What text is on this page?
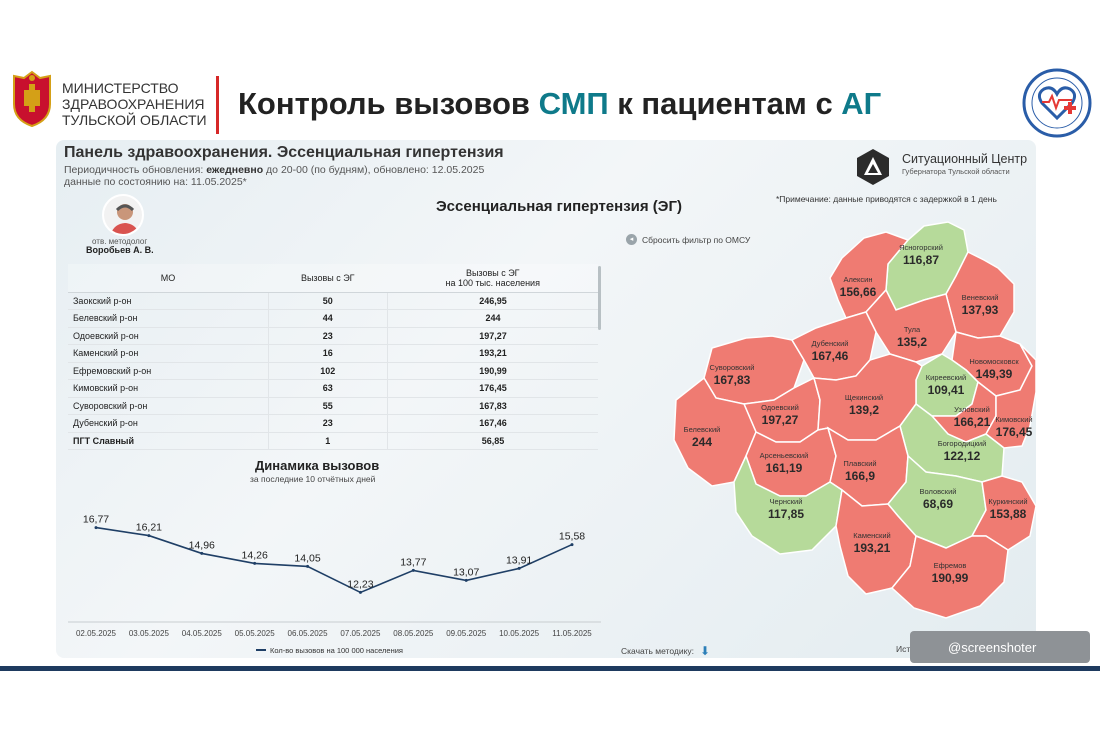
МИНИСТЕРСТВО
ЗДРАВООХРАНЕНИЯ
ТУЛЬСКОЙ ОБЛАСТИ Контроль вызовов СМП к пациентам с АГ
Панель здравоохранения. Эссенциальная гипертензия
Периодичность обновления: ежедневно до 20-00 (по будням), обновлено: 12.05.2025
данные по состоянию на: 11.05.2025*
Ситуационный Центр
Губернатора Тульской области
*Примечание: данные приводятся с задержкой в 1 день
Эссенциальная гипертензия (ЭГ)
отв. методолог
Воробьев А. В.
МО	Вызовы с ЭГ	Вызовы с ЭГ
на 100 тыс. населения
Заокский р-он	50	246,95
Белевский р-он	44	244
Одоевский р-он	23	197,27
Каменский р-он	16	193,21
Ефремовский р-он	102	190,99
Кимовский р-он	63	176,45
Суворовский р-он	55	167,83
Дубенский р-он	23	167,46
ПГТ Славный	1	56,85
Динамика вызовов
за последние 10 отчётных дней
16,77
02.05.2025
16,21
03.05.2025
14,96
04.05.2025
14,26
05.05.2025
14,05
06.05.2025
12,23
07.05.2025
13,77
08.05.2025
13,07
09.05.2025
13,91
10.05.2025
15,58
11.05.2025
Кол-во вызовов на 100 000 населения
◂	Сбросить фильтр по ОМСУ
Ясногорский
116,87
Алексин
156,66	Веневский
137,93
Тула
135,2
Новомосковск
149,39
Суворовский
167,83
Дубенский
167,46
Киреевский
109,41
Одоевский
197,27
Щекинский
139,2	Узловский
166,21 Кимовский
176,45
Белевский
244	Богородицкий
122,12
Арсеньевский
161,19	Плавский
166,9
Чернский
117,85
Воловский
68,69	Куркинский
153,88
Каменский
193,21
Ефремов
190,99
Скачать методику: ⬇	Ист	@screenshoter
